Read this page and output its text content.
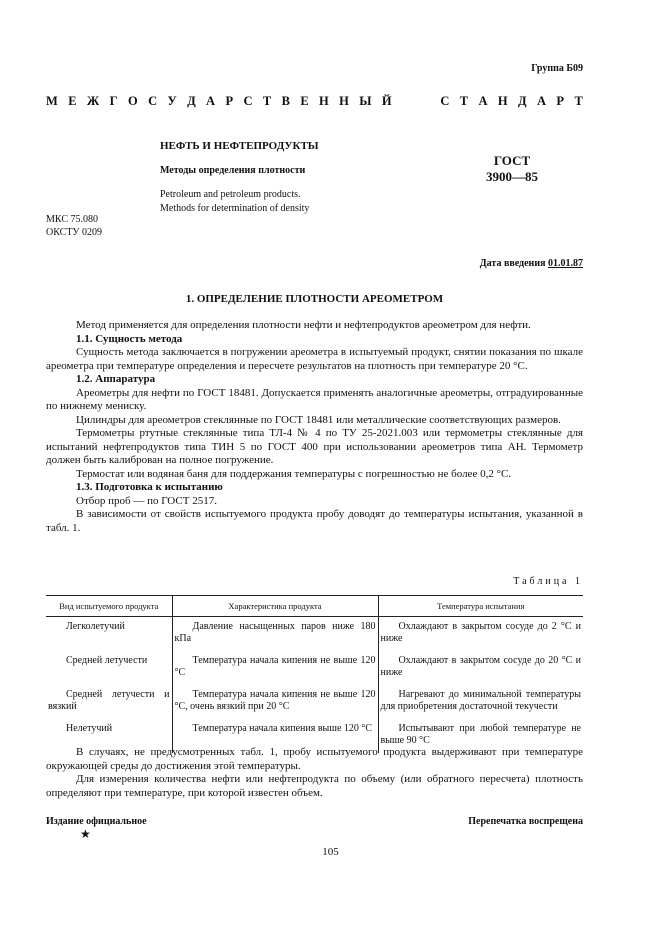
Группа Б09
М Е Ж Г О С У Д А Р С Т В Е Н Н Ы Й	С Т А Н Д А Р Т
НЕФТЬ И НЕФТЕПРОДУКТЫ
Методы определения плотности
Petroleum and petroleum products.
Methods for determination of density
ГОСТ
3900—85
МКС 75.080
ОКСТУ 0209
Дата введения 01.01.87
1. ОПРЕДЕЛЕНИЕ ПЛОТНОСТИ АРЕОМЕТРОМ

Метод применяется для определения плотности нефти и нефтепродуктов ареометром для нефти.

1.1. Сущность метода

Сущность метода заключается в погружении ареометра в испытуемый продукт, снятии показания по шкале ареометра при температуре определения и пересчете результатов на плотность при температуре 20 °С.

1.2. Аппаратура

Ареометры для нефти по ГОСТ 18481. Допускается применять аналогичные ареометры, отградуированные по нижнему мениску.

Цилиндры для ареометров стеклянные по ГОСТ 18481 или металлические соответствующих размеров.

Термометры ртутные стеклянные типа ТЛ-4 № 4 по ТУ 25-2021.003 или термометры стеклянные для испытаний нефтепродуктов типа ТИН 5 по ГОСТ 400 при использовании ареометров типа АН. Термометр должен быть калиброван на полное погружение.

Термостат или водяная баня для поддержания температуры с погрешностью не более 0,2 °С.

1.3. Подготовка к испытанию

Отбор проб — по ГОСТ 2517.

В зависимости от свойств испытуемого продукта пробу доводят до температуры испытания, указанной в табл. 1.

Таблица 1
Вид испытуемого продукта	Характеристика продукта	Температура испытания
Легколетучий	Давление насыщенных паров ниже 180 кПа	Охлаждают в закрытом сосуде до 2 °С и ниже
Средней летучести	Температура начала кипения не выше 120 °С	Охлаждают в закрытом сосуде до 20 °С и ниже
Средней летучести и вязкий	Температура начала кипения не выше 120 °С, очень вязкий при 20 °С	Нагревают до минимальной температуры для приобретения достаточной текучести
Нелетучий	Температура начала кипения выше 120 °С	Испытывают при любой температуре не выше 90 °С

В случаях, не предусмотренных табл. 1, пробу испытуемого продукта выдерживают при температуре окружающей среды до достижения этой температуры.

Для измерения количества нефти или нефтепродукта по объему (или обратного пересчета) плотность определяют при температуре, при которой известен объем.

Издание официальное	Перепечатка воспрещена
★
105
